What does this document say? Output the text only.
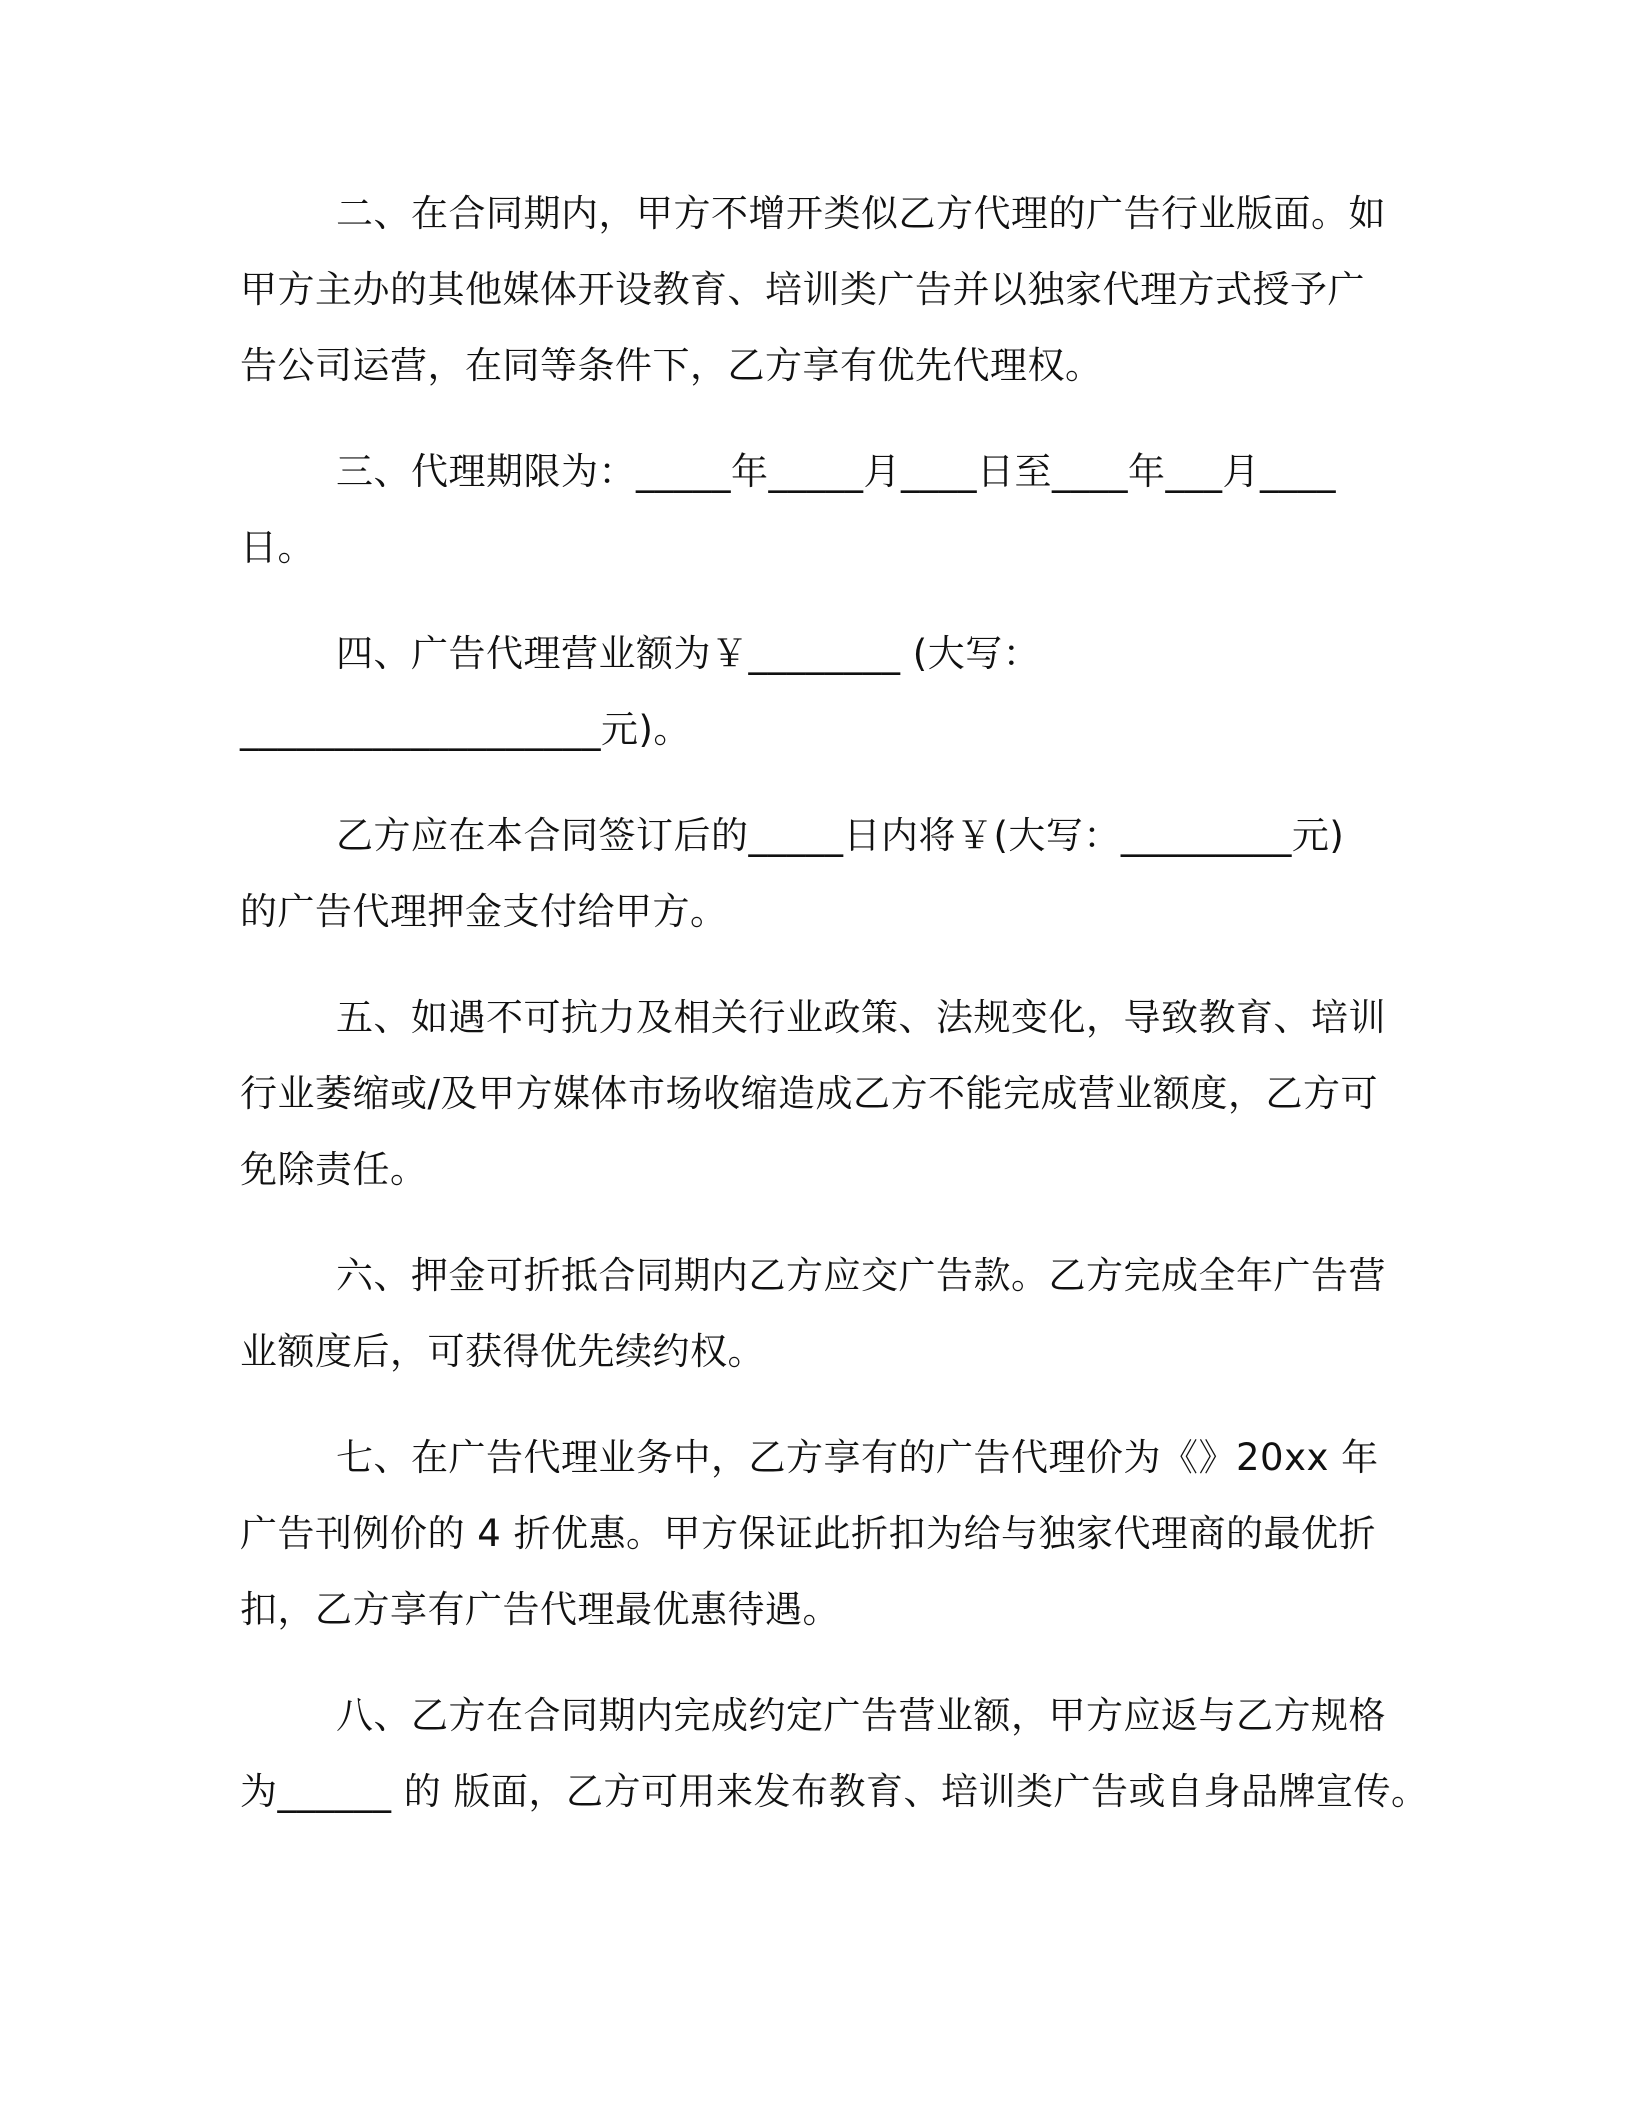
二、在合同期内，甲方不增开类似乙方代理的广告行业版面。如

甲方主办的其他媒体开设教育、培训类广告并以独家代理方式授予广

告公司运营，在同等条件下，乙方享有优先代理权。

三、代理期限为：_____年_____月____日至____年___月____

日。

四、广告代理营业额为￥________ (大写：

___________________元)。

乙方应在本合同签订后的_____日内将￥(大写：_________元)

的广告代理押金支付给甲方。

五、如遇不可抗力及相关行业政策、法规变化，导致教育、培训

行业萎缩或/及甲方媒体市场收缩造成乙方不能完成营业额度，乙方可

免除责任。

六、押金可折抵合同期内乙方应交广告款。乙方完成全年广告营

业额度后，可获得优先续约权。

七、在广告代理业务中，乙方享有的广告代理价为《》20xx 年

广告刊例价的 4 折优惠。甲方保证此折扣为给与独家代理商的最优折

扣，乙方享有广告代理最优惠待遇。

八、乙方在合同期内完成约定广告营业额，甲方应返与乙方规格

为______ 的 版面，乙方可用来发布教育、培训类广告或自身品牌宣传。
